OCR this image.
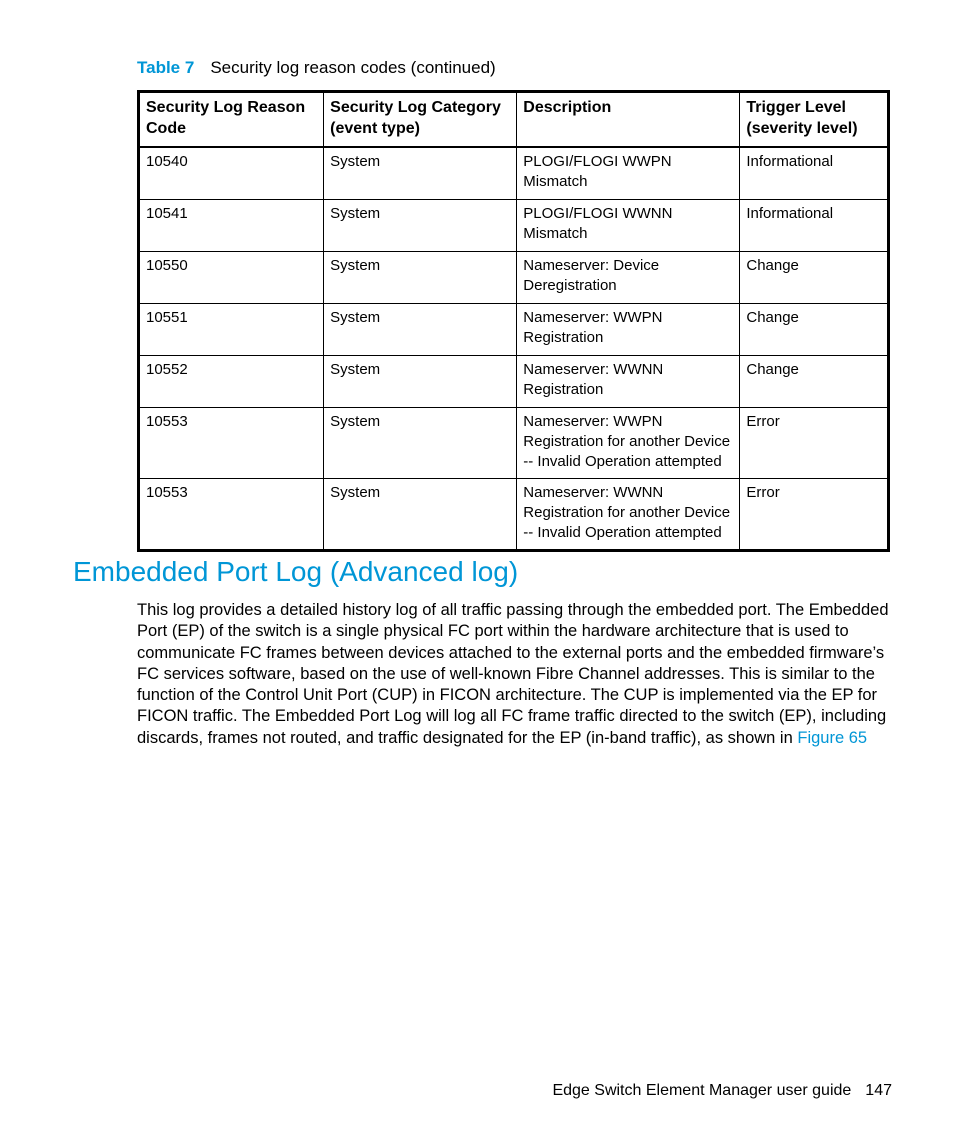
Table 7 Security log reason codes (continued)
Security Log Reason Code	Security Log Category (event type)	Description	Trigger Level (severity level)
10540	System	PLOGI/FLOGI WWPN Mismatch	Informational
10541	System	PLOGI/FLOGI WWNN Mismatch	Informational
10550	System	Nameserver: Device Deregistration	Change
10551	System	Nameserver: WWPN Registration	Change
10552	System	Nameserver: WWNN Registration	Change
10553	System	Nameserver: WWPN Registration for another Device -- Invalid Operation attempted	Error
10553	System	Nameserver: WWNN Registration for another Device -- Invalid Operation attempted	Error
Embedded Port Log (Advanced log)

This log provides a detailed history log of all traffic passing through the embedded port. The Embedded Port (EP) of the switch is a single physical FC port within the hardware architecture that is used to communicate FC frames between devices attached to the external ports and the embedded firmware’s FC services software, based on the use of well-known Fibre Channel addresses. This is similar to the function of the Control Unit Port (CUP) in FICON architecture. The CUP is implemented via the EP for FICON traffic. The Embedded Port Log will log all FC frame traffic directed to the switch (EP), including discards, frames not routed, and traffic designated for the EP (in-band traffic), as shown in Figure 65

Edge Switch Element Manager user guide 147
